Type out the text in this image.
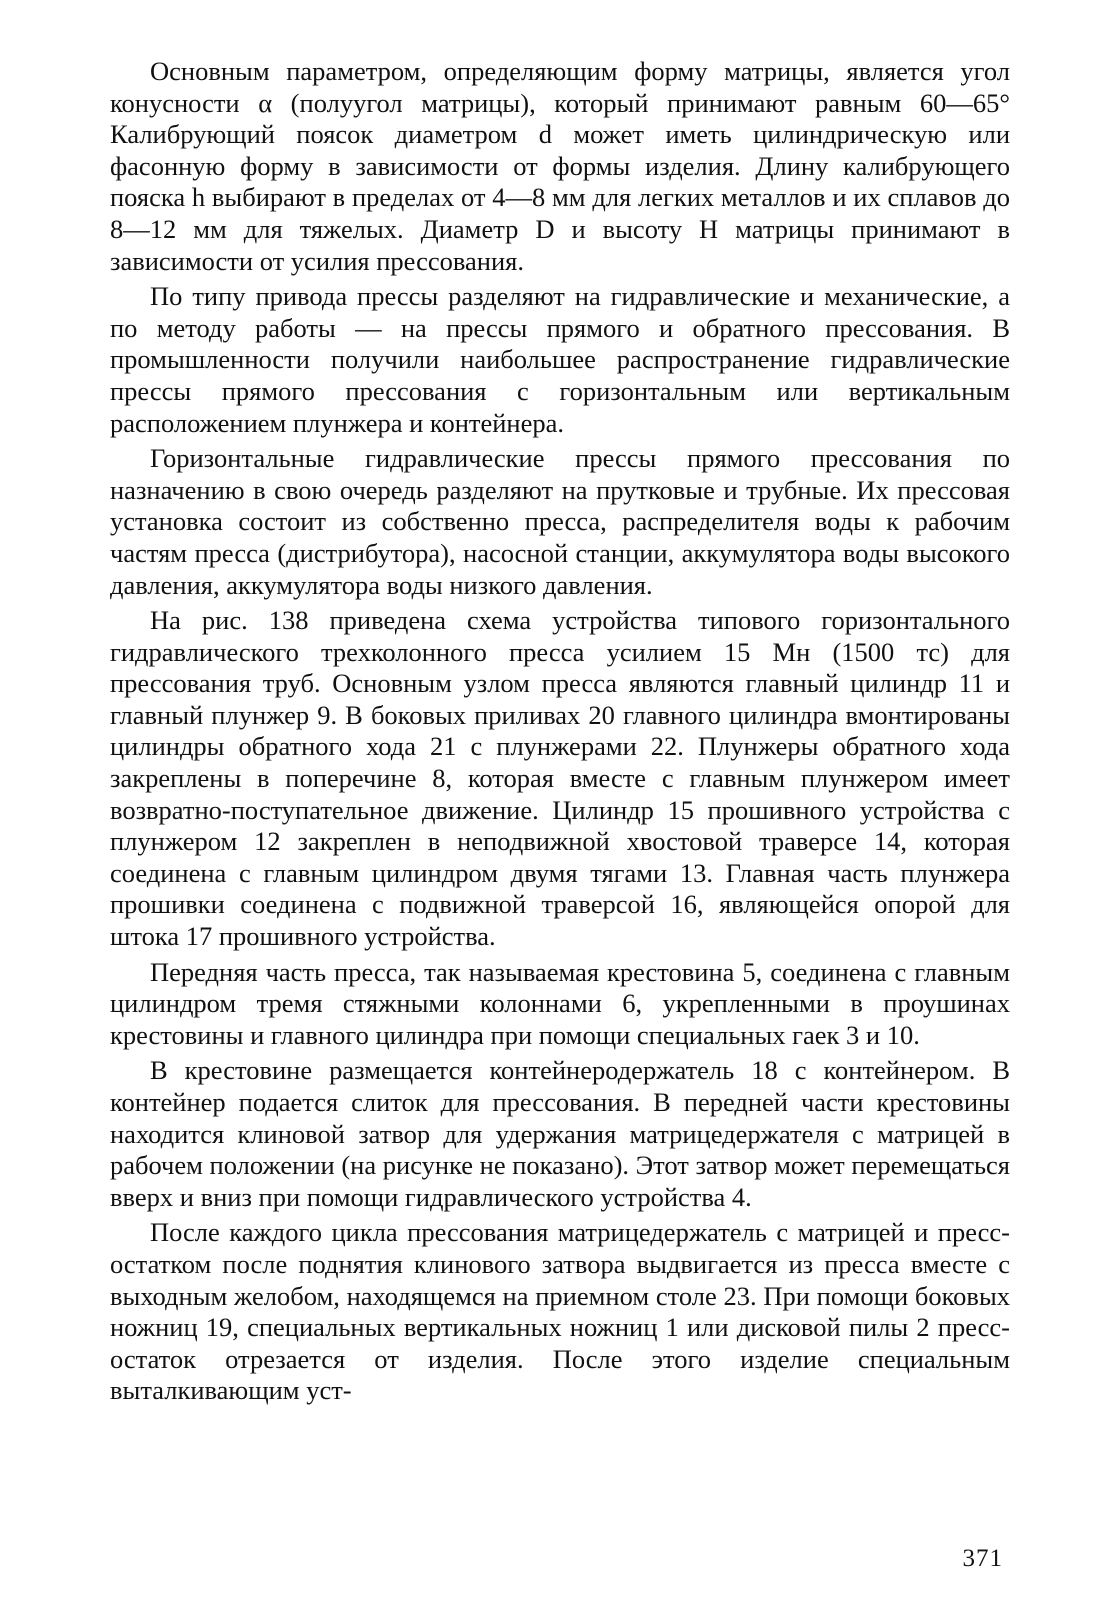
Основным параметром, определяющим форму матрицы, является угол конусности α (полуугол матрицы), который принимают равным 60—65° Калибрующий поясок диаметром d может иметь цилиндрическую или фасонную форму в зависимости от формы изделия. Длину калибрующего пояска h выбирают в пределах от 4—8 мм для легких металлов и их сплавов до 8—12 мм для тяжелых. Диаметр D и высоту H матрицы принимают в зависимости от усилия прессования.

По типу привода прессы разделяют на гидравлические и механические, а по методу работы — на прессы прямого и обратного прессования. В промышленности получили наибольшее распространение гидравлические прессы прямого прессования с горизонтальным или вертикальным расположением плунжера и контейнера.

Горизонтальные гидравлические прессы прямого прессования по назначению в свою очередь разделяют на прутковые и трубные. Их прессовая установка состоит из собственно пресса, распределителя воды к рабочим частям пресса (дистрибутора), насосной станции, аккумулятора воды высокого давления, аккумулятора воды низкого давления.

На рис. 138 приведена схема устройства типового горизонтального гидравлического трехколонного пресса усилием 15 Мн (1500 тс) для прессования труб. Основным узлом пресса являются главный цилиндр 11 и главный плунжер 9. В боковых приливах 20 главного цилиндра вмонтированы цилиндры обратного хода 21 с плунжерами 22. Плунжеры обратного хода закреплены в поперечине 8, которая вместе с главным плунжером имеет возвратно-поступательное движение. Цилиндр 15 прошивного устройства с плунжером 12 закреплен в неподвижной хвостовой траверсе 14, которая соединена с главным цилиндром двумя тягами 13. Главная часть плунжера прошивки соединена с подвижной траверсой 16, являющейся опорой для штока 17 прошивного устройства.

Передняя часть пресса, так называемая крестовина 5, соединена с главным цилиндром тремя стяжными колоннами 6, укрепленными в проушинах крестовины и главного цилиндра при помощи специальных гаек 3 и 10.

В крестовине размещается контейнеродержатель 18 с контейнером. В контейнер подается слиток для прессования. В передней части крестовины находится клиновой затвор для удержания матрицедержателя с матрицей в рабочем положении (на рисунке не показано). Этот затвор может перемещаться вверх и вниз при помощи гидравлического устройства 4.

После каждого цикла прессования матрицедержатель с матрицей и пресс-остатком после поднятия клинового затвора выдвигается из пресса вместе с выходным желобом, находящемся на приемном столе 23. При помощи боковых ножниц 19, специальных вертикальных ножниц 1 или дисковой пилы 2 пресс-остаток отрезается от изделия. После этого изделие специальным выталкивающим уст-

371
